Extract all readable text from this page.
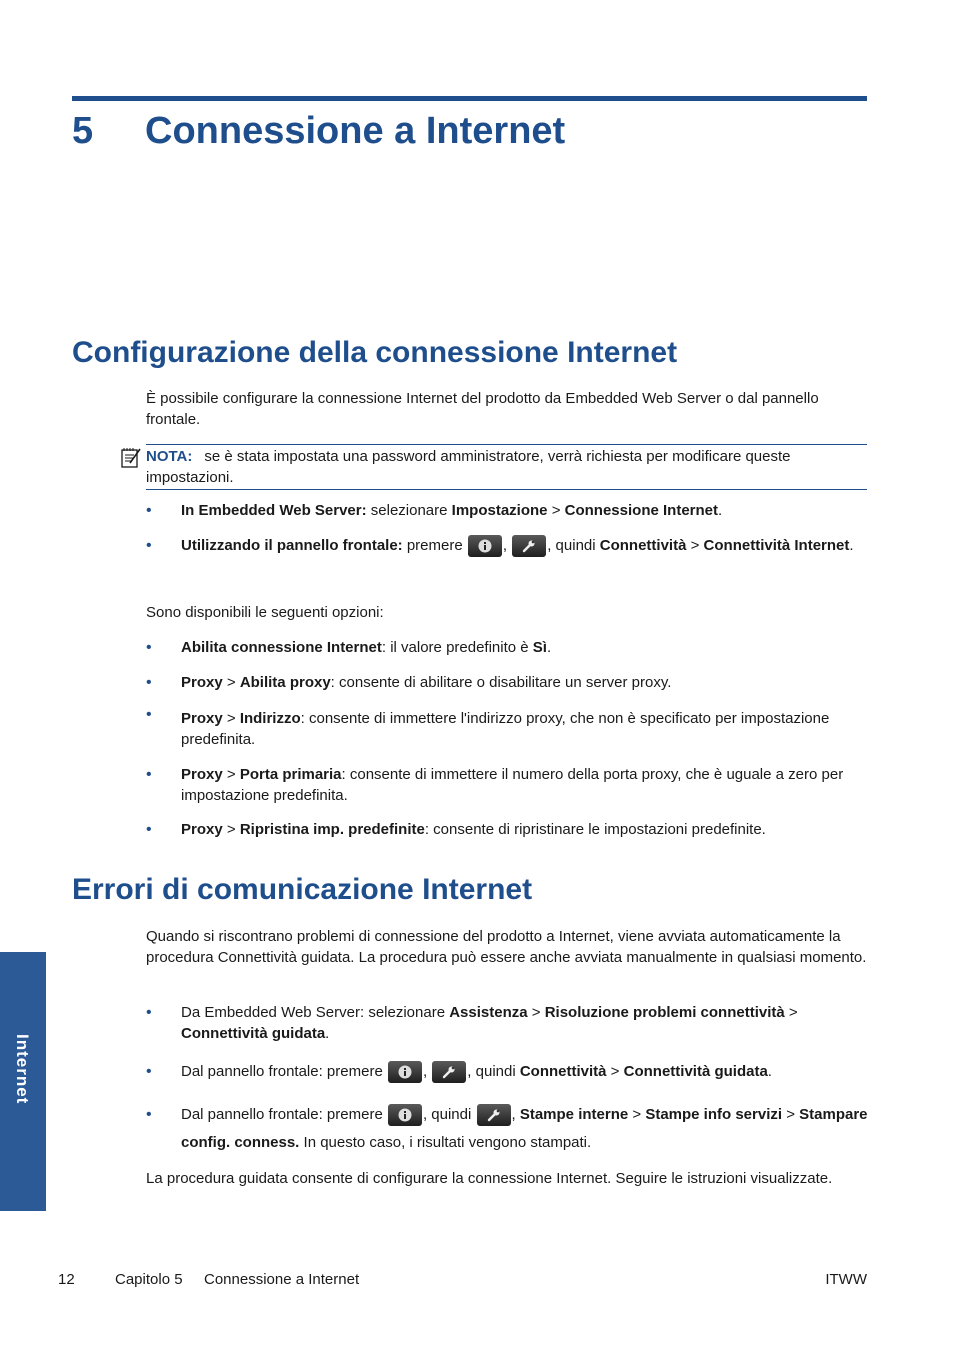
5 Connessione a Internet
Configurazione della connessione Internet
È possibile configurare la connessione Internet del prodotto da Embedded Web Server o dal pannello frontale.
NOTA: se è stata impostata una password amministratore, verrà richiesta per modificare queste impostazioni.
• In Embedded Web Server: selezionare Impostazione > Connessione Internet.
• Utilizzando il pannello frontale: premere
,
, quindi Connettività > Connettività Internet.
Sono disponibili le seguenti opzioni:
• Abilita connessione Internet: il valore predefinito è Sì.
• Proxy > Abilita proxy: consente di abilitare o disabilitare un server proxy.
• Proxy > Indirizzo: consente di immettere l'indirizzo proxy, che non è specificato per impostazione predefinita.
• Proxy > Porta primaria: consente di immettere il numero della porta proxy, che è uguale a zero per impostazione predefinita.
• Proxy > Ripristina imp. predefinite: consente di ripristinare le impostazioni predefinite.
Errori di comunicazione Internet
Quando si riscontrano problemi di connessione del prodotto a Internet, viene avviata automaticamente la procedura Connettività guidata. La procedura può essere anche avviata manualmente in qualsiasi momento.
• Da Embedded Web Server: selezionare Assistenza > Risoluzione problemi connettività > Connettività guidata.
• Dal pannello frontale: premere
,
, quindi Connettività > Connettività guidata.
• Dal pannello frontale: premere
, quindi
, Stampe interne > Stampe info servizi > Stampare config. conness. In questo caso, i risultati vengono stampati.
La procedura guidata consente di configurare la connessione Internet. Seguire le istruzioni visualizzate.
Internet
12	Capitolo 5 Connessione a Internet	ITWW
